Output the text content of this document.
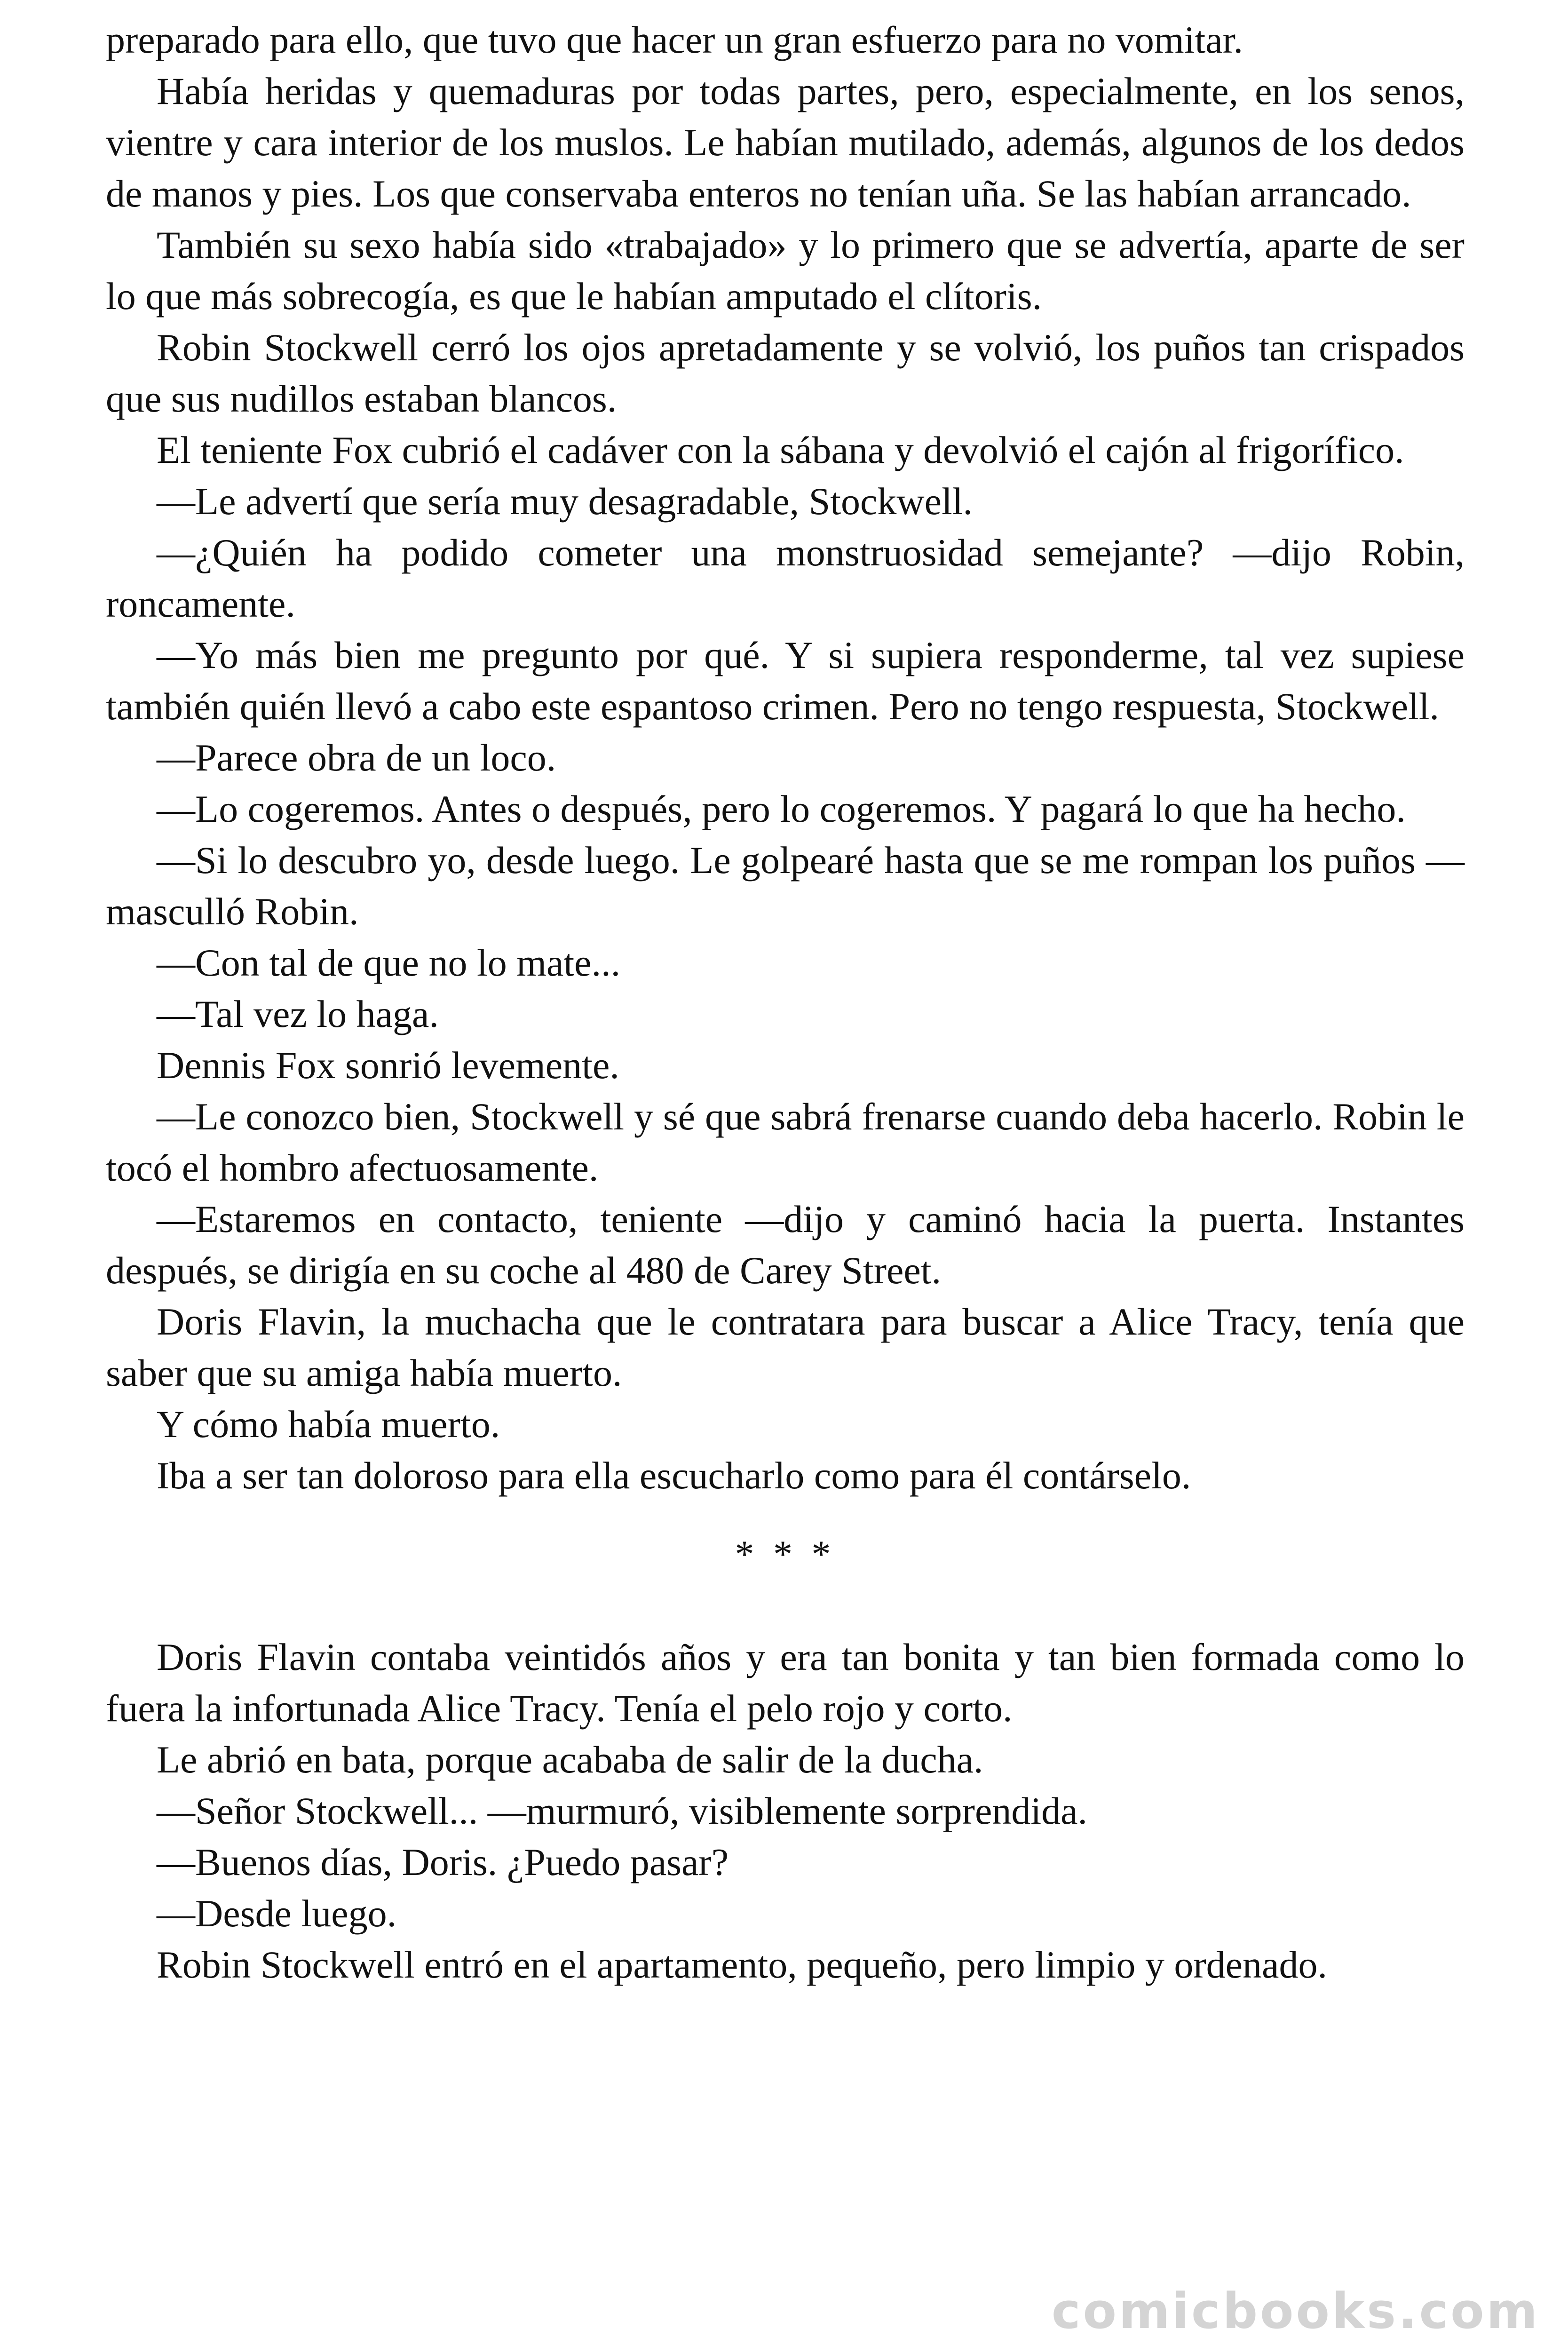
preparado para ello, que tuvo que hacer un gran esfuerzo para no vomitar.

Había heridas y quemaduras por todas partes, pero, especialmente, en los senos, vientre y cara interior de los muslos. Le habían mutilado, además, algunos de los dedos de manos y pies. Los que conservaba enteros no tenían uña. Se las habían arrancado.

También su sexo había sido «trabajado» y lo primero que se advertía, aparte de ser lo que más sobrecogía, es que le habían amputado el clítoris.

Robin Stockwell cerró los ojos apretadamente y se volvió, los puños tan crispados que sus nudillos estaban blancos.

El teniente Fox cubrió el cadáver con la sábana y devolvió el cajón al frigorífico.

—Le advertí que sería muy desagradable, Stockwell.

—¿Quién ha podido cometer una monstruosidad semejante? —dijo Robin, roncamente.

—Yo más bien me pregunto por qué. Y si supiera responderme, tal vez supiese también quién llevó a cabo este espantoso crimen. Pero no tengo respuesta, Stockwell.

—Parece obra de un loco.

—Lo cogeremos. Antes o después, pero lo cogeremos. Y pagará lo que ha hecho.

—Si lo descubro yo, desde luego. Le golpearé hasta que se me rompan los puños — masculló Robin.

—Con tal de que no lo mate...

—Tal vez lo haga.

Dennis Fox sonrió levemente.

—Le conozco bien, Stockwell y sé que sabrá frenarse cuando deba hacerlo. Robin le tocó el hombro afectuosamente.

—Estaremos en contacto, teniente —dijo y caminó hacia la puerta. Instantes después, se dirigía en su coche al 480 de Carey Street.

Doris Flavin, la muchacha que le contratara para buscar a Alice Tracy, tenía que saber que su amiga había muerto.

Y cómo había muerto.

Iba a ser tan doloroso para ella escucharlo como para él contárselo.

* * *

Doris Flavin contaba veintidós años y era tan bonita y tan bien formada como lo fuera la infortunada Alice Tracy. Tenía el pelo rojo y corto.

Le abrió en bata, porque acababa de salir de la ducha.

—Señor Stockwell... —murmuró, visiblemente sorprendida.

—Buenos días, Doris. ¿Puedo pasar?

—Desde luego.

Robin Stockwell entró en el apartamento, pequeño, pero limpio y ordenado.

comicbooks.com
